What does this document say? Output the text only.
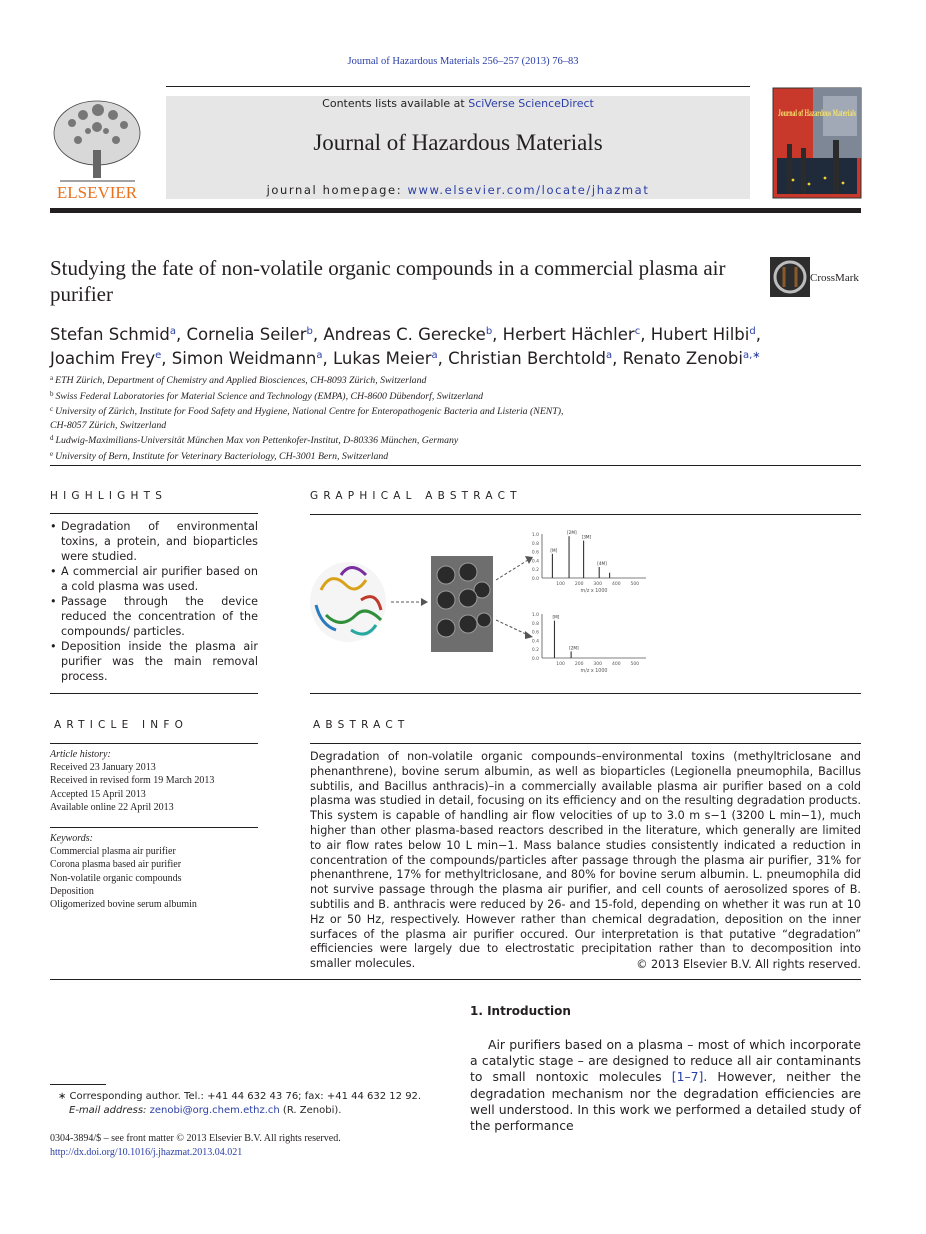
Journal of Hazardous Materials 256–257 (2013) 76–83
ELSEVIER
Contents lists available at SciVerse ScienceDirect
Journal of Hazardous Materials
journal homepage: www.elsevier.com/locate/jhazmat
Journal of Hazardous Materials
Studying the fate of non-volatile organic compounds in a commercial plasma air purifier
CrossMark
Stefan Schmid$^a$, Cornelia Seiler$^b$, Andreas C. Gerecke$^b$, Herbert Hächler$^c$, Hubert Hilbi$^d$,
Joachim Frey$^e$, Simon Weidmann$^a$, Lukas Meier$^a$, Christian Berchtold$^a$, Renato Zenobi$^{a,∗}$
$^a$ ETH Zürich, Department of Chemistry and Applied Biosciences, CH-8093 Zürich, Switzerland
$^b$ Swiss Federal Laboratories for Material Science and Technology (EMPA), CH-8600 Dübendorf, Switzerland
$^c$ University of Zürich, Institute for Food Safety and Hygiene, National Centre for Enteropathogenic Bacteria and Listeria (NENT),
CH-8057 Zürich, Switzerland
$^d$ Ludwig-Maximilians-Universität München Max von Pettenkofer-Institut, D-80336 München, Germany
$^e$ University of Bern, Institute for Veterinary Bacteriology, CH-3001 Bern, Switzerland
HIGHLIGHTS
• Degradation of environmental toxins, a protein, and bioparticles were studied.
• A commercial air purifier based on a cold plasma was used.
• Passage through the device reduced the concentration of the compounds/ particles.
• Deposition inside the plasma air purifier was the main removal process.
GRAPHICAL ABSTRACT
1.0
0.8
0.6
0.4
0.2
0.0
100 200 300 400 500
m/z x 1000
[M]
[2M]
[3M]
[4M]
1.0
0.8
0.6
0.4
0.2
0.0
100 200 300 400 500
m/z x 1000
[M]
[2M]
ARTICLE INFO
Article history:
Received 23 January 2013
Received in revised form 19 March 2013
Accepted 15 April 2013
Available online 22 April 2013
Keywords:
Commercial plasma air purifier
Corona plasma based air purifier
Non-volatile organic compounds
Deposition
Oligomerized bovine serum albumin
ABSTRACT
Degradation of non-volatile organic compounds–environmental toxins (methyltriclosane and phenanthrene), bovine serum albumin, as well as bioparticles (Legionella pneumophila, Bacillus subtilis, and Bacillus anthracis)–in a commercially available plasma air purifier based on a cold plasma was studied in detail, focusing on its efficiency and on the resulting degradation products. This system is capable of handling air flow velocities of up to 3.0 m s−1 (3200 L min−1), much higher than other plasma-based reactors described in the literature, which generally are limited to air flow rates below 10 L min−1. Mass balance studies consistently indicated a reduction in concentration of the compounds/particles after passage through the plasma air purifier, 31% for phenanthrene, 17% for methyltriclosane, and 80% for bovine serum albumin. L. pneumophila did not survive passage through the plasma air purifier, and cell counts of aerosolized spores of B. subtilis and B. anthracis were reduced by 26- and 15-fold, depending on whether it was run at 10 Hz or 50 Hz, respectively. However rather than chemical degradation, deposition on the inner surfaces of the plasma air purifier occured. Our interpretation is that putative “degradation” efficiencies were largely due to electrostatic precipitation rather than to decomposition into smaller molecules.	© 2013 Elsevier B.V. All rights reserved.
1. Introduction
Air purifiers based on a plasma – most of which incorporate a catalytic stage – are designed to reduce all air contaminants to small nontoxic molecules [1–7]. However, neither the degradation mechanism nor the degradation efficiencies are well understood. In this work we performed a detailed study of the performance
∗ Corresponding author. Tel.: +41 44 632 43 76; fax: +41 44 632 12 92.
E-mail address: zenobi@org.chem.ethz.ch (R. Zenobi).
0304-3894/$ – see front matter © 2013 Elsevier B.V. All rights reserved.
http://dx.doi.org/10.1016/j.jhazmat.2013.04.021
